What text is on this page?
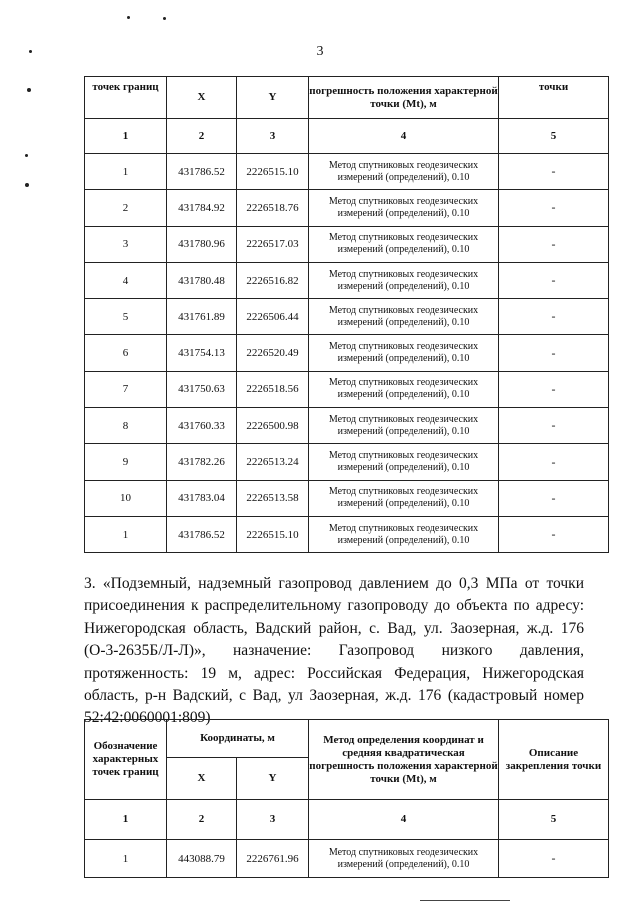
3
точек границ	X	Y	погрешность положения характерной точки (Mt), м	точки
1	2	3	4	5
1	431786.52	2226515.10	Метод спутниковых геодезических измерений (определений), 0.10	-
2	431784.92	2226518.76	Метод спутниковых геодезических измерений (определений), 0.10	-
3	431780.96	2226517.03	Метод спутниковых геодезических измерений (определений), 0.10	-
4	431780.48	2226516.82	Метод спутниковых геодезических измерений (определений), 0.10	-
5	431761.89	2226506.44	Метод спутниковых геодезических измерений (определений), 0.10	-
6	431754.13	2226520.49	Метод спутниковых геодезических измерений (определений), 0.10	-
7	431750.63	2226518.56	Метод спутниковых геодезических измерений (определений), 0.10	-
8	431760.33	2226500.98	Метод спутниковых геодезических измерений (определений), 0.10	-
9	431782.26	2226513.24	Метод спутниковых геодезических измерений (определений), 0.10	-
10	431783.04	2226513.58	Метод спутниковых геодезических измерений (определений), 0.10	-
1	431786.52	2226515.10	Метод спутниковых геодезических измерений (определений), 0.10	-
3. «Подземный, надземный газопровод давлением до 0,3 МПа от точки присоединения к распределительному газопроводу до объекта по адресу: Нижегородская область, Вадский район, с. Вад, ул. Заозерная, ж.д. 176 (О-3-2635Б/Л-Л)», назначение: Газопровод низкого давления, протяженность: 19 м, адрес: Российская Федерация, Нижегородская область, р-н Вадский, с Вад, ул Заозерная, ж.д. 176 (кадастровый номер 52:42:0060001:809)
Обозначение характерных точек границ	Координаты, м		Метод определения координат и средняя квадратическая погрешность положения характерной точки (Mt), м	Описание закрепления точки
	X	Y		
1	2	3	4	5
1	443088.79	2226761.96	Метод спутниковых геодезических измерений (определений), 0.10	-
